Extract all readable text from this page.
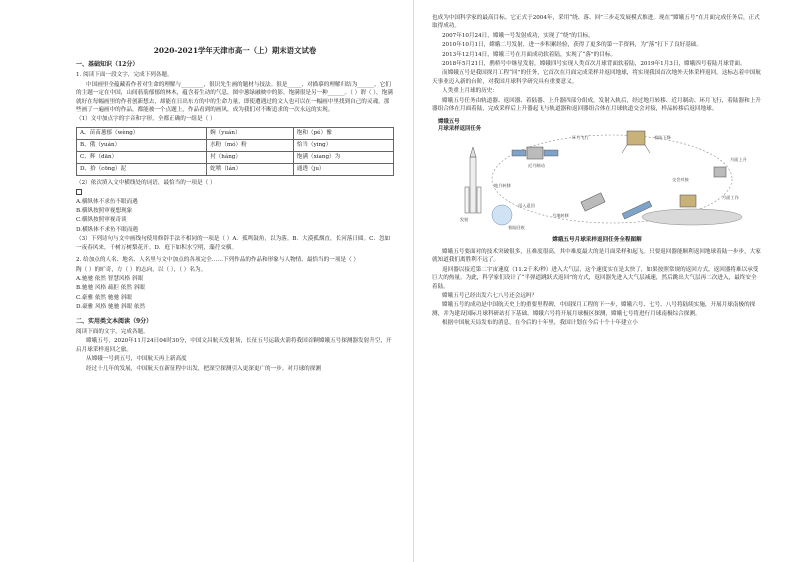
2020-2021学年天津市高一（上）期末语文试卷
一、基础知识（12分）

1. 阅读下面一段文字，完成下列各题。

中国画里全蕴藏着作者对生命的理解与________，很识先生画的题材与技法。很是_____，对描摹的理解归结为______，它们的主题一定在中国，山间蓊蓊郁郁的林木，蕴含着生动的气息，图中葱绿融映中的影，饱满很是另一种______。（ ）谓（ ），饱满就好在每幅画里的作者创新想去，却能在日出东方的中的生命力量，即使遭遇过的文人也可以在一幅画中里找到自己的灵魂。那些画了一遍画中的作品，都能被一个点题上，作品看到的画风，成为我们对不断追求的一次永远的实现。

（1）文中加点字的字音和字形，全都正确的一组是（ ）

A、苗苗葱郁（wèng）	婉（yuán）	饱和（pé）豫
B、俄（yuán）	水粉（mó）粉	恰当（ying）
C、辉（dān）	衬（háng）	饱满（xiang）为
D、拾（cōng）泥	蛇喷（lán）	通透（ju）

（2）依次填入文中横线处的词语，最恰当的一项是（ ）

A.横纵体不求鱼不眼而遇

B.横纵按照审视想现象

C.横纵按照审视奇谈

D.横纵体不求鱼不眼而遇

（3）下列诗句与文中画线句使用修辞手法不相同的一项是（ ）A．孤鸣鼓角，以为落。B．大漠孤烟直，长河落日圆。C．忽如一夜春风来，千树万树梨花开。D．庭下如积水空明，藻荇交横。

2. 给加点的人名、地名、人名里与文中加点的各项完全……下列作品的作品和形象与人物情、最恰当的一项是（ ）

陶（ ）的旷奇，方（ ）的志向，以（ ），（ ）名为。

A.驰驰 依然 智慧风格 斜眼

B.驰驰 风格 疏拒 依然 斜眼

C.豪雅 依然 驰驰 斜眼

D.豪雅 风格 驰驰 斜眼 依然

二、实用类文本阅读（9分）

阅读下面的文字，完成各题。

嫦娥五号，2020年11月24日04时30分，中国文昌航天发射场，长征五号运载火箭将我国首颗嫦娥五号探测器发射升空，开启月球采样返回之旅。

从嫦娥一号到五号，中国航天再上新高度

经过十几年的发展，中国航天在新征程中出发，把深空探测引入更深更广的一步。对月球的探测

也成为中国科学家的最高目标。它正式于2004年，采用“绕、落、回”三步走发展模式推进。现在“嫦娥五号”在月面完成任务后，正式取得成功。

2007年10月24日，嫦娥一号发射成功，实现了“绕”的目标。

2010年10月1日，嫦娥二号发射，进一步积累经验，获得了更多的第一手资料，为“落”打下了良好基础。

2013年12月14日，嫦娥三号在月面成功软着陆，实现了“落”的目标。

2018年5月21日，鹊桥号中继星发射，嫦娥四号实现人类首次月球背面软着陆，2019年1月3日，嫦娥四号着陆月球背面。

而嫦娥五号是我国探月工程“回”的任务，它首次在月面完成采样并返回地球，将实现我国首次地外天体采样返回。这标志着中国航天事业迈入新的台阶，对我国月球科学研究具有重要意义。

人类重上月球的历史：

嫦娥五号任务由轨道器、返回器、着陆器、上升器四部分组成，发射入轨后，经过地月转移、近月制动、环月飞行，着陆器和上升器组合体在月面着陆，完成采样后上升器起飞与轨道器和返回器组合体在月球轨道交会对接，样品转移后返回地球。

嫦娥五号
月球采样返回任务
发射
地月转移
近月制动
环月飞行	着陆下降
月面工作
月面上升
交会对接
月地转移
再入返回
着陆回收
嫦娥五号月球采样返回任务全程图解

嫦娥五号要面对的技术突破很多，且难度很高，其中难度最大的是月面采样和起飞。只要返回器能顺利返回地球着陆一步步，大家就知道我们离胜利不远了。

返回器以接近第二宇宙速度（11.2千米/秒）进入大气层，这个速度实在是太快了，如果按照常规的返回方式，返回器将难以承受巨大的热量。为此，科学家们设计了“半弹道跳跃式返回”的方式，返回器先进入大气层减速，然后跳出大气层再二次进入，最终安全着陆。

嫦娥五号已经出发六七八号还会远吗？

嫦娥五号的成功是中国航天史上的重要里程碑，中国探月工程的下一步，嫦娥六号、七号、八号将陆续实施，开展月球南极的探测，并为建设国际月球科研站打下基础。嫦娥六号将开展月球极区探测，嫦娥七号将进行月球南极综合探测。

根据中国航天局发布的消息，在今后的十年里，我国计划在今后十个十年建立小
